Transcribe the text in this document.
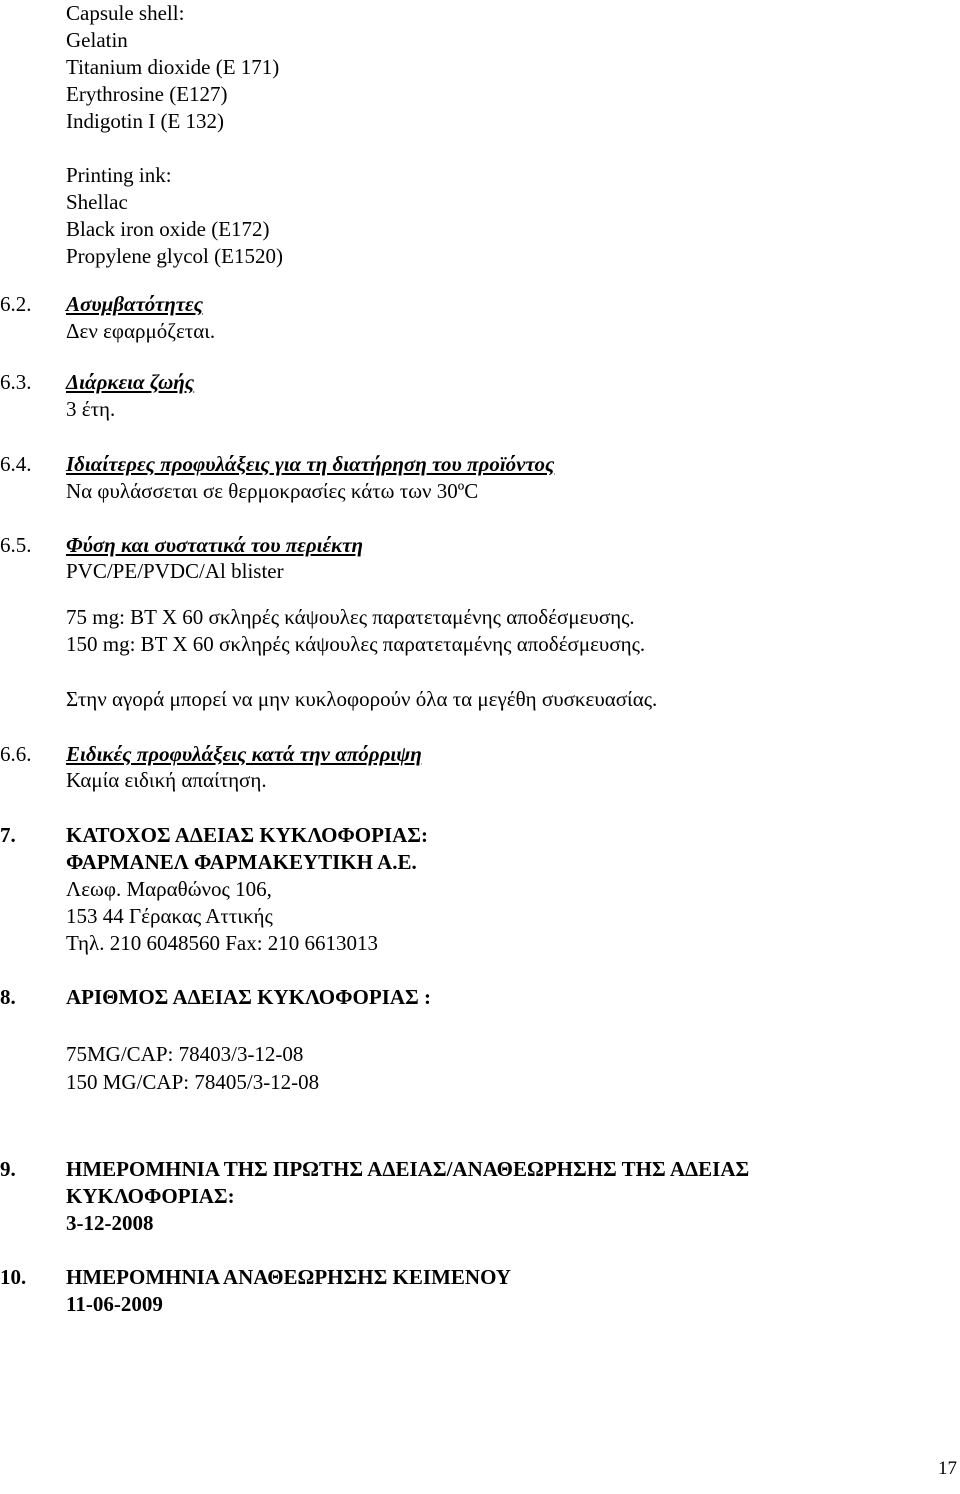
Capsule shell:
Gelatin
Titanium dioxide (E 171)
Erythrosine (E127)
Indigotin I (E 132)
Printing ink:
Shellac
Black iron oxide (E172)
Propylene glycol (E1520)
6.2. Ασυμβατότητες
Δεν εφαρμόζεται.
6.3. Διάρκεια ζωής
3 έτη.
6.4. Ιδιαίτερες προφυλάξεις για τη διατήρηση του προϊόντος
Να φυλάσσεται σε θερμοκρασίες κάτω των 30ºC
6.5. Φύση και συστατικά του περιέκτη
PVC/PE/PVDC/Al blister
75 mg: BT X 60 σκληρές κάψουλες παρατεταμένης αποδέσμευσης.
150 mg: BT X 60 σκληρές κάψουλες παρατεταμένης αποδέσμευσης.
Στην αγορά μπορεί να μην κυκλοφορούν όλα τα μεγέθη συσκευασίας.
6.6. Ειδικές προφυλάξεις κατά την απόρριψη
Καμία ειδική απαίτηση.
7. ΚΑΤΟΧΟΣ ΑΔΕΙΑΣ ΚΥΚΛΟΦΟΡΙΑΣ:
ΦΑΡΜΑΝΕΛ ΦΑΡΜΑΚΕΥΤΙΚΗ Α.Ε.
Λεωφ. Μαραθώνος 106,
153 44 Γέρακας Αττικής
Τηλ. 210 6048560 Fax: 210 6613013
8. ΑΡΙΘΜΟΣ ΑΔΕΙΑΣ ΚΥΚΛΟΦΟΡΙΑΣ :
75MG/CAP: 78403/3-12-08
150 MG/CAP: 78405/3-12-08
9. ΗΜΕΡΟΜΗΝΙΑ ΤΗΣ ΠΡΩΤΗΣ ΑΔΕΙΑΣ/ΑΝΑΘΕΩΡΗΣΗΣ ΤΗΣ ΑΔΕΙΑΣ
ΚΥΚΛΟΦΟΡΙΑΣ:
3-12-2008
10. ΗΜΕΡΟΜΗΝΙΑ ΑΝΑΘΕΩΡΗΣΗΣ ΚΕΙΜΕΝΟΥ
11-06-2009
17
